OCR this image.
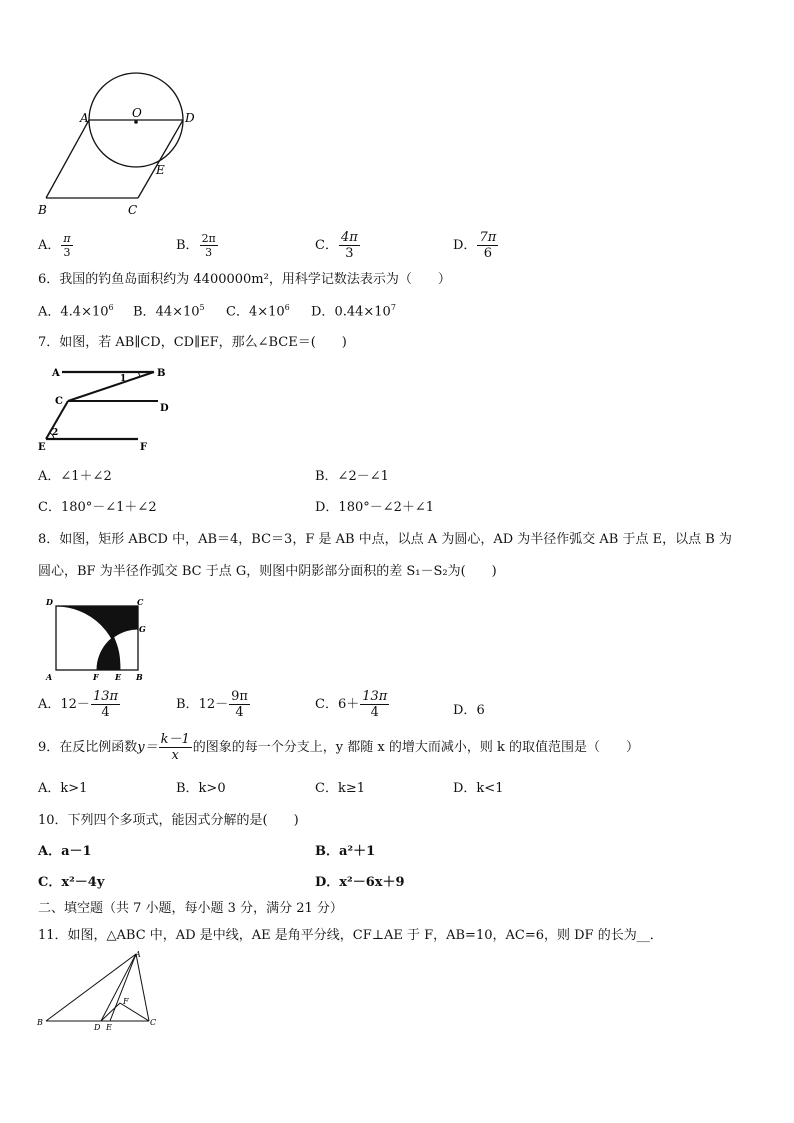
A	O	D
E
B	C
A． $\frac{\pi}{3}$	B． $\frac{2\pi}{3}$	C． $\frac{4\pi}{3}$	D． $\frac{7\pi}{6}$
6．我国的钓鱼岛面积约为 4400000m²，用科学记数法表示为（　　）
A．$4.4\times 10^6$ B．$44\times 10^5$ C．$4\times 10^6$ D．$0.44\times 10^7$
7．如图，若 AB∥CD，CD∥EF，那么∠BCE＝(　　)
A	B
1
C
D
2
E	F
A．∠1＋∠2	B．∠2－∠1
C．180°－∠1＋∠2	D．180°－∠2＋∠1
8．如图，矩形 ABCD 中，AB＝4，BC＝3，F 是 AB 中点，以点 A 为圆心，AD 为半径作弧交 AB 于点 E，以点 B 为
圆心，BF 为半径作弧交 BC 于点 G，则图中阴影部分面积的差 S₁－S₂为(　　)
D	C
G
A	F E B
A．$12- \frac{13\pi}{4}$	B．$12- \frac{9\pi}{4}$	C．$6+ \frac{13\pi}{4}$	D．6
9．在反比例函数$y= \frac{k-1}{x}$ 的图象的每一个分支上，y 都随 x 的增大而减小，则 k 的取值范围是（　　）
A．k>1	B．k>0	C．k≥1	D．k<1
10．下列四个多项式，能因式分解的是(　　)
A．a－1	B．a²＋1
C．x²－4y	D．x²－6x＋9
二、填空题（共 7 小题，每小题 3 分，满分 21 分）
11．如图，△ABC 中，AD 是中线，AE 是角平分线，CF⊥AE 于 F，AB=10，AC=6，则 DF 的长为__．
A
B	C
D E
F
